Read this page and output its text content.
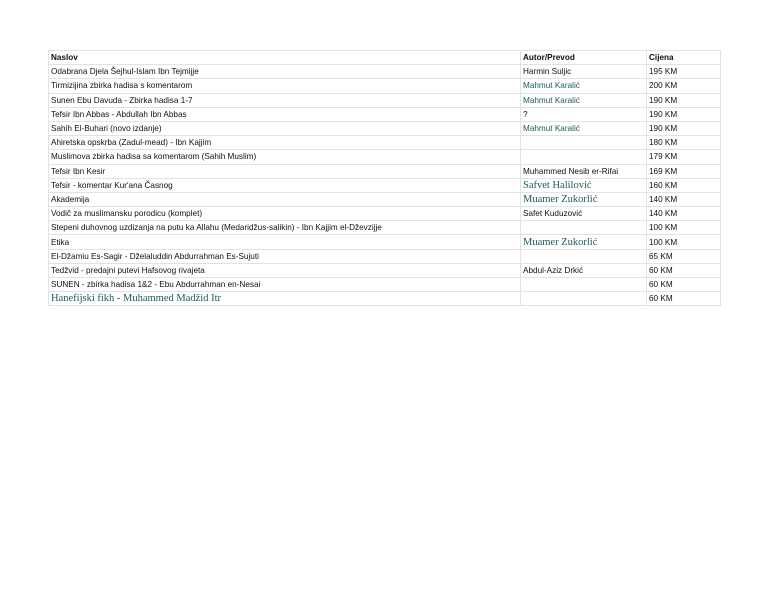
Naslov	Autor/Prevod	Cijena
Odabrana Djela Šejhul-Islam Ibn Tejmijje	Harmin Suljic	195 KM
Tirmizijina zbirka hadisa s komentarom	Mahmut Karalić	200 KM
Sunen Ebu Davuda - Zbirka hadisa 1-7	Mahmut Karalić	190 KM
Tefsir Ibn Abbas - Abdullah Ibn Abbas	?	190 KM
Sahih El-Buhari (novo izdanje)	Mahmut Karalić	190 KM
Ahiretska opskrba (Zadul-mead) - Ibn Kajjim		180 KM
Muslimova zbirka hadisa sa komentarom (Sahih Muslim)		179 KM
Tefsir Ibn Kesir	Muhammed Nesib er-Rifai	169 KM
Tefsir - komentar Kur'ana Časnog	Safvet Halilović	160 KM
Akademija	Muamer Zukorlić	140 KM
Vodič za muslimansku porodicu (komplet)	Safet Kuduzović	140 KM
Stepeni duhovnog uzdizanja na putu ka Allahu (Medaridžus-salikin) - Ibn Kajjim el-Dževzijje		100 KM
Etika	Muamer Zukorlić	100 KM
El-Džamiu Es-Sagir - Dželaluddin Abdurrahman Es-Sujuti		65 KM
Tedžvid - predajni putevi Hafsovog rivajeta	Abdul-Aziz Drkić	60 KM
SUNEN - zbirka hadisa 1&2 - Ebu Abdurrahman en-Nesai		60 KM
Hanefijski fikh - Muhammed Madžid Itr		60 KM
